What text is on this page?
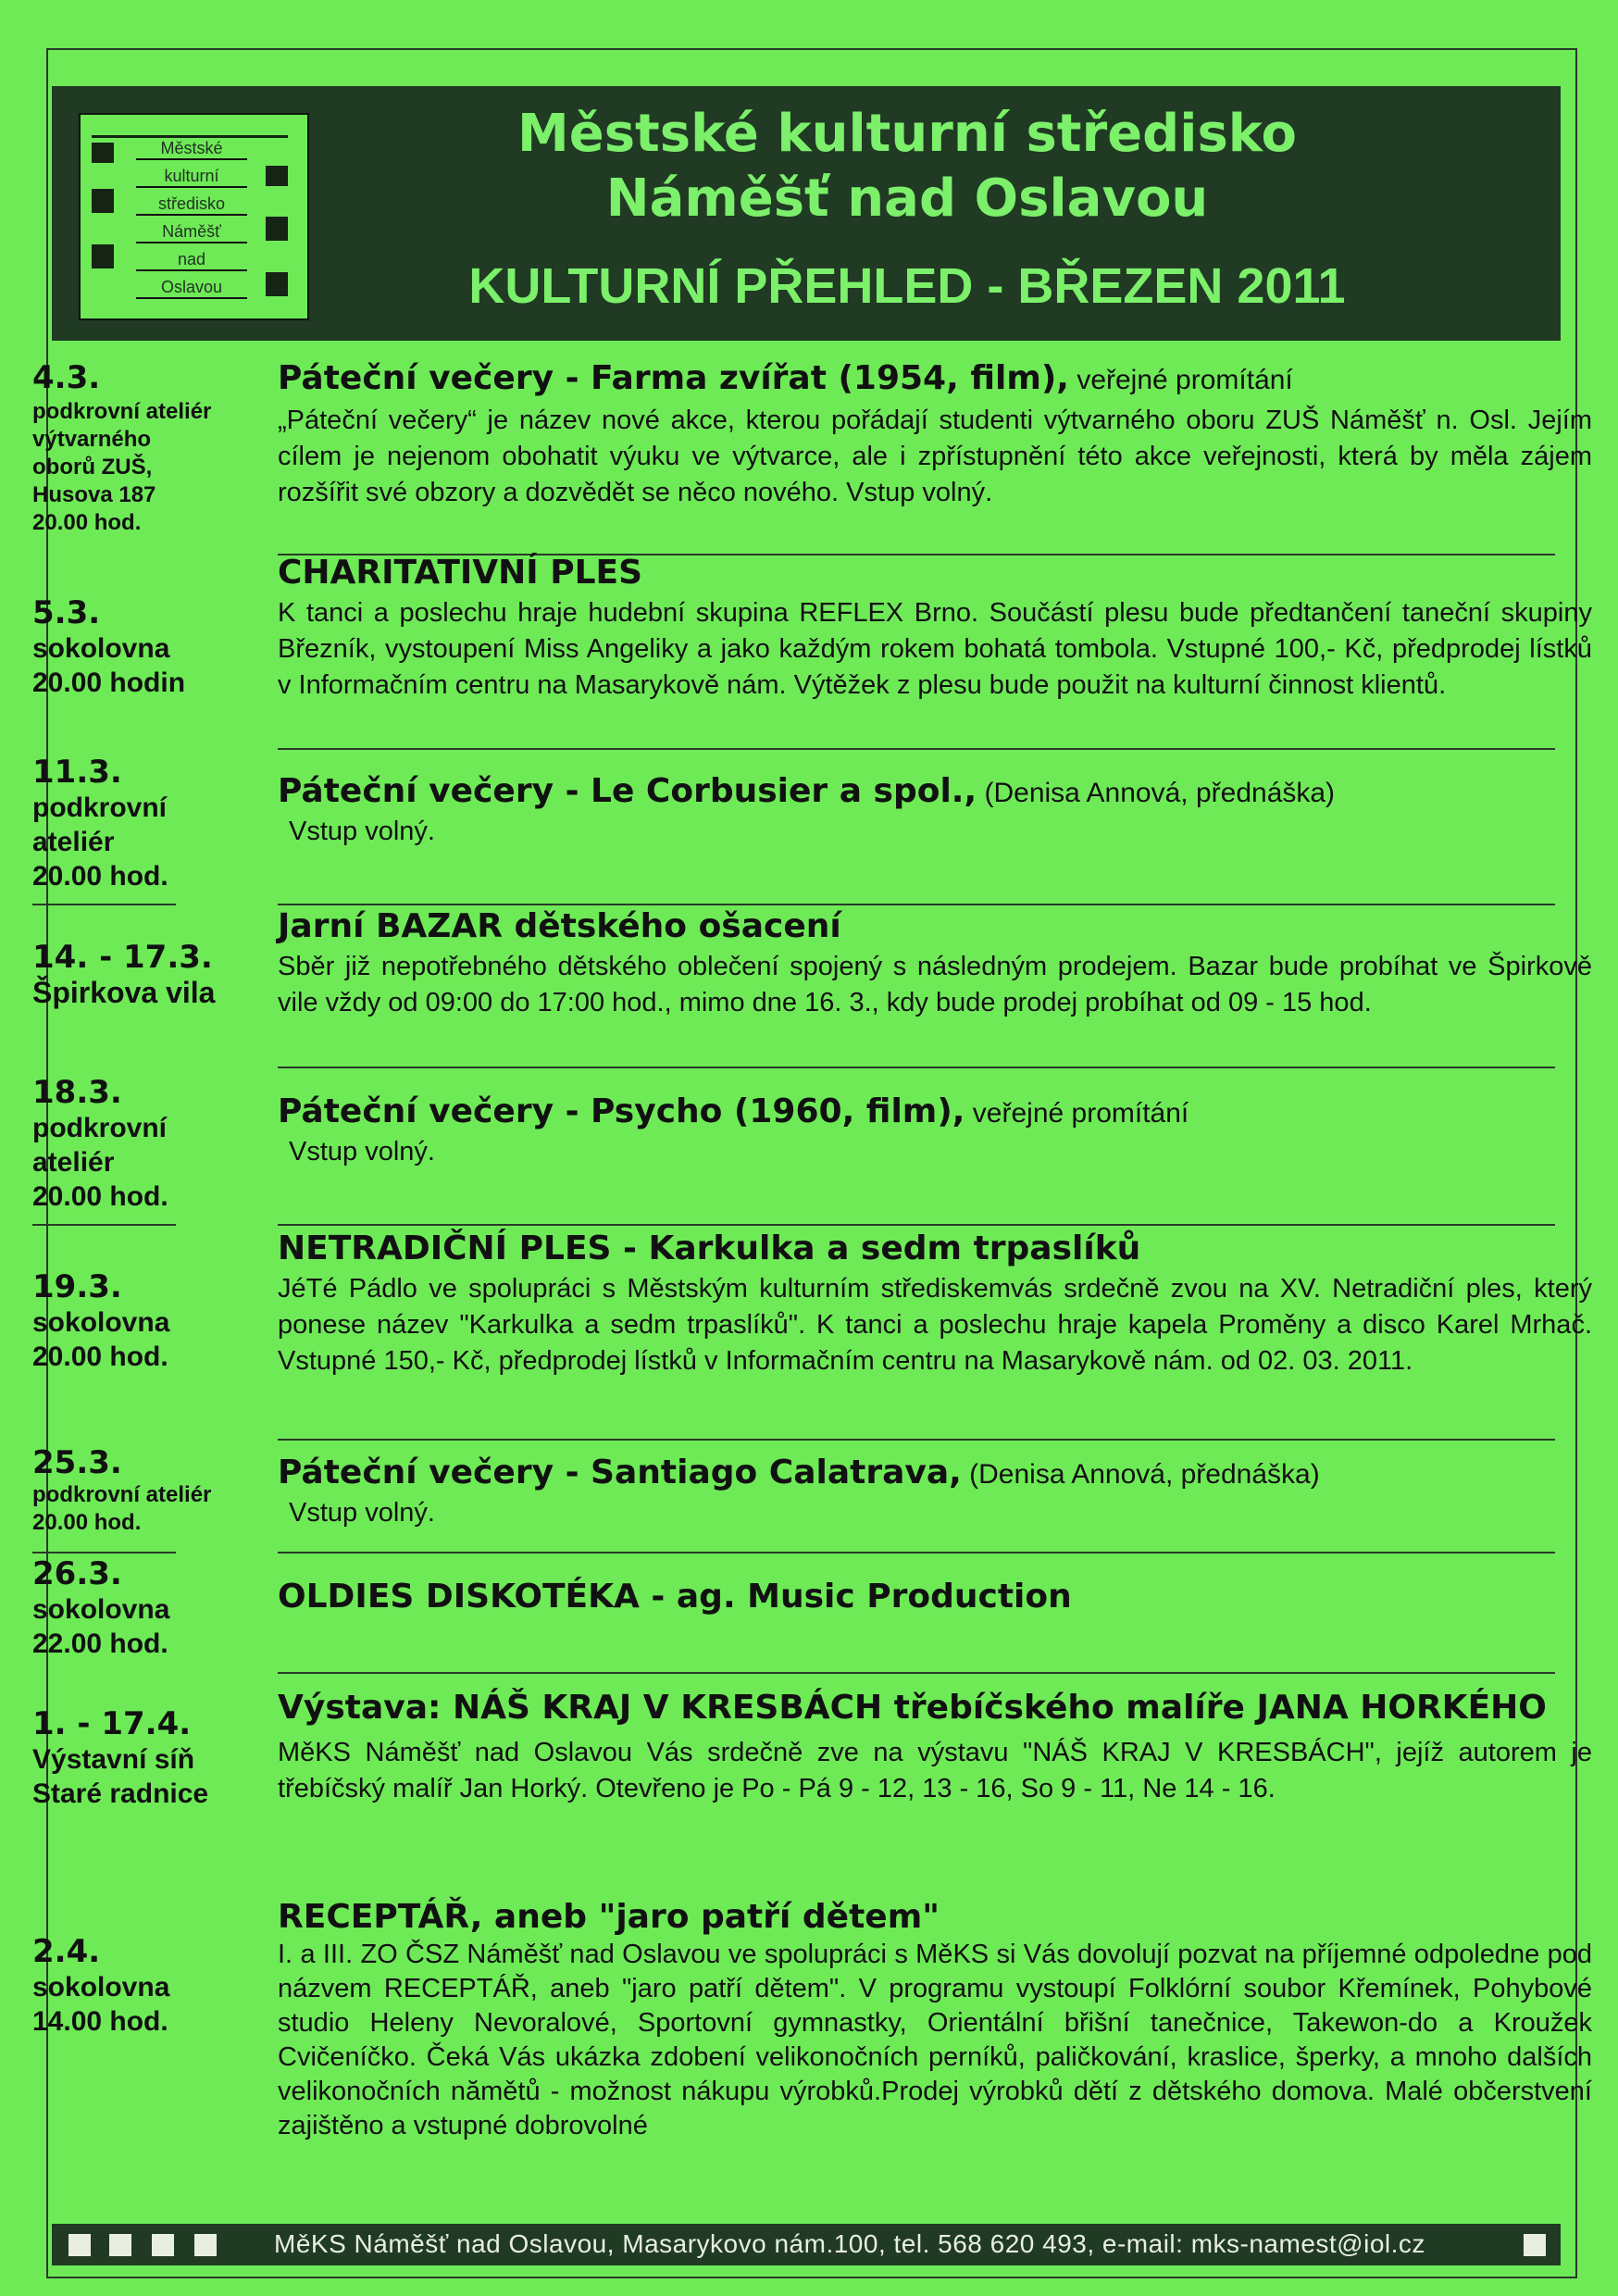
Městské
kulturní
středisko
Náměšť
nad
Oslavou
Městské kulturní středisko
Náměšť nad Oslavou
KULTURNÍ PŘEHLED - BŘEZEN 2011
4.3.
podkrovní ateliér
výtvarného
oborů ZUŠ,
Husova 187
20.00 hod.
Páteční večery - Farma zvířat (1954, film), veřejné promítání
„Páteční večery“ je název nové akce, kterou pořádají studenti výtvarného oboru ZUŠ Náměšť n. Osl. Jejím cílem je nejenom obohatit výuku ve výtvarce, ale i zpřístupnění této akce veřejnosti, která by měla zájem rozšířit své obzory a dozvědět se něco nového. Vstup volný.
5.3.
sokolovna
20.00 hodin
CHARITATIVNÍ PLES
K tanci a poslechu hraje hudební skupina REFLEX Brno. Součástí plesu bude předtančení taneční skupiny Březník, vystoupení Miss Angeliky a jako každým rokem bohatá tombola. Vstupné 100,- Kč, předprodej lístků v Informačním centru na Masarykově nám. Výtěžek z plesu bude použit na kulturní činnost klientů.
11.3.
podkrovní
ateliér
20.00 hod.
Páteční večery - Le Corbusier a spol., (Denisa Annová, přednáška)
Vstup volný.
14. - 17.3.
Špirkova vila
Jarní BAZAR dětského ošacení
Sběr již nepotřebného dětského oblečení spojený s následným prodejem. Bazar bude probíhat ve Špirkově vile vždy od 09:00 do 17:00 hod., mimo dne 16. 3., kdy bude prodej probíhat od 09 - 15 hod.
18.3.
podkrovní
ateliér
20.00 hod.
Páteční večery - Psycho (1960, film), veřejné promítání
Vstup volný.
19.3.
sokolovna
20.00 hod.
NETRADIČNÍ PLES - Karkulka a sedm trpaslíků
JéTé Pádlo ve spolupráci s Městským kulturním střediskemvás srdečně zvou na XV. Netradiční ples, který ponese název "Karkulka a sedm trpaslíků". K tanci a poslechu hraje kapela Proměny a disco Karel Mrhač. Vstupné 150,- Kč, předprodej lístků v Informačním centru na Masarykově nám. od 02. 03. 2011.
25.3.
podkrovní ateliér
20.00 hod.
Páteční večery - Santiago Calatrava, (Denisa Annová, přednáška)
Vstup volný.
26.3.
sokolovna
22.00 hod.
OLDIES DISKOTÉKA - ag. Music Production
1. - 17.4.
Výstavní síň
Staré radnice
Výstava: NÁŠ KRAJ V KRESBÁCH třebíčského malíře JANA HORKÉHO
MěKS Náměšť nad Oslavou Vás srdečně zve na výstavu "NÁŠ KRAJ V KRESBÁCH", jejíž autorem je třebíčský malíř Jan Horký. Otevřeno je Po - Pá 9 - 12, 13 - 16, So 9 - 11, Ne 14 - 16.
2.4.
sokolovna
14.00 hod.
RECEPTÁŘ, aneb "jaro patří dětem"
I. a III. ZO ČSZ Náměšť nad Oslavou ve spolupráci s MěKS si Vás dovolují pozvat na příjemné odpoledne pod názvem RECEPTÁŘ, aneb "jaro patří dětem". V programu vystoupí Folklórní soubor Křemínek, Pohybové studio Heleny Nevoralové, Sportovní gymnastky, Orientální břišní tanečnice, Takewon-do a Kroužek Cvičeníčko. Čeká Vás ukázka zdobení velikonočních perníků, paličkování, kraslice, šperky, a mnoho dalších velikonočních nămětů - možnost nákupu výrobků.Prodej výrobků dětí z dětského domova. Malé občerstvení zajištěno a vstupné dobrovolné
MěKS Náměšť nad Oslavou, Masarykovo nám.100, tel. 568 620 493, e-mail: mks-namest@iol.cz
